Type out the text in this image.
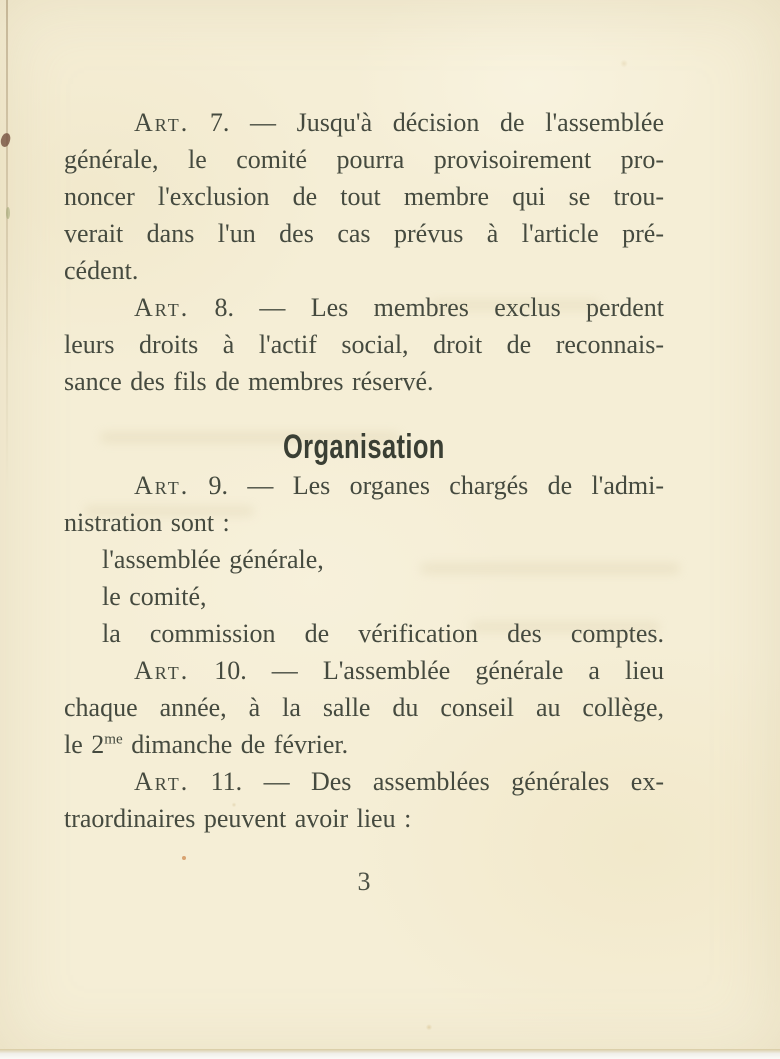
Art. 7. — Jusqu'à décision de l'assemblée
générale, le comité pourra provisoirement pro-
noncer l'exclusion de tout membre qui se trou-
verait dans l'un des cas prévus à l'article pré-
cédent.

Art. 8. — Les membres exclus perdent
leurs droits à l'actif social, droit de reconnais-
sance des fils de membres réservé.

Organisation

Art. 9. — Les organes chargés de l'admi-
nistration sont :
l'assemblée générale,
le comité,
la commission de vérification des comptes.

Art. 10. — L'assemblée générale a lieu
chaque année, à la salle du conseil au collège,
le $2^{me}$ dimanche de février.

Art. 11. — Des assemblées générales ex-
traordinaires peuvent avoir lieu :

3
